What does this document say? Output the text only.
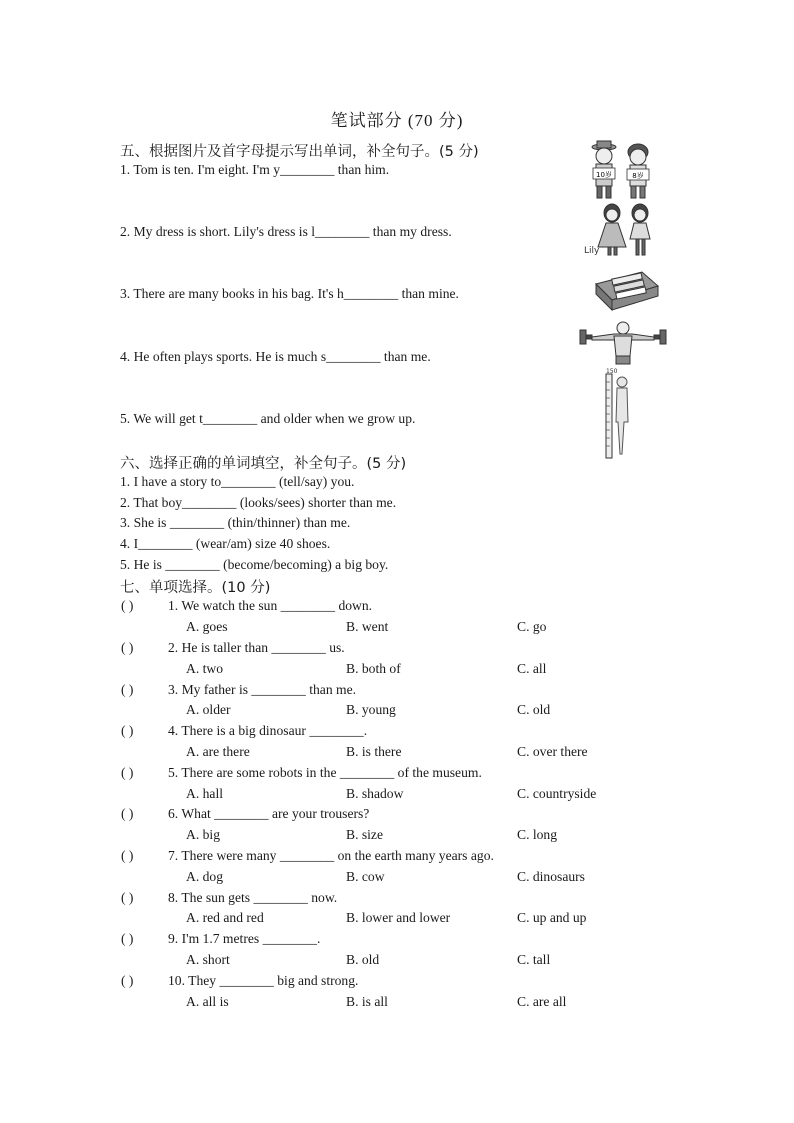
笔试部分 (70 分)
五、根据图片及首字母提示写出单词，补全句子。(5 分)
1. Tom is ten. I'm eight. I'm y________ than him.
2. My dress is short. Lily's dress is l________ than my dress.
3. There are many books in his bag. It's h________ than mine.
4. He often plays sports. He is much s________ than me.
5. We will get t________ and older when we grow up.
10岁	8岁
Lily
150
六、选择正确的单词填空，补全句子。(5 分)
1. I have a story to________ (tell/say) you.
2. That boy________ (looks/sees) shorter than me.
3. She is ________ (thin/thinner) than me.
4. I________ (wear/am) size 40 shoes.
5. He is ________ (become/becoming) a big boy.
七、单项选择。(10 分)
( )	1. We watch the sun ________ down.
A. goes	B. went	C. go
( )	2. He is taller than ________ us.
A. two	B. both of	C. all
( )	3. My father is ________ than me.
A. older	B. young	C. old
( )	4. There is a big dinosaur ________.
A. are there	B. is there	C. over there
( )	5. There are some robots in the ________ of the museum.
A. hall	B. shadow	C. countryside
( )	6. What ________ are your trousers?
A. big	B. size	C. long
( )	7. There were many ________ on the earth many years ago.
A. dog	B. cow	C. dinosaurs
( )	8. The sun gets ________ now.
A. red and red	B. lower and lower	C. up and up
( )	9. I'm 1.7 metres ________.
A. short	B. old	C. tall
( )	10. They ________ big and strong.
A. all is	B. is all	C. are all
